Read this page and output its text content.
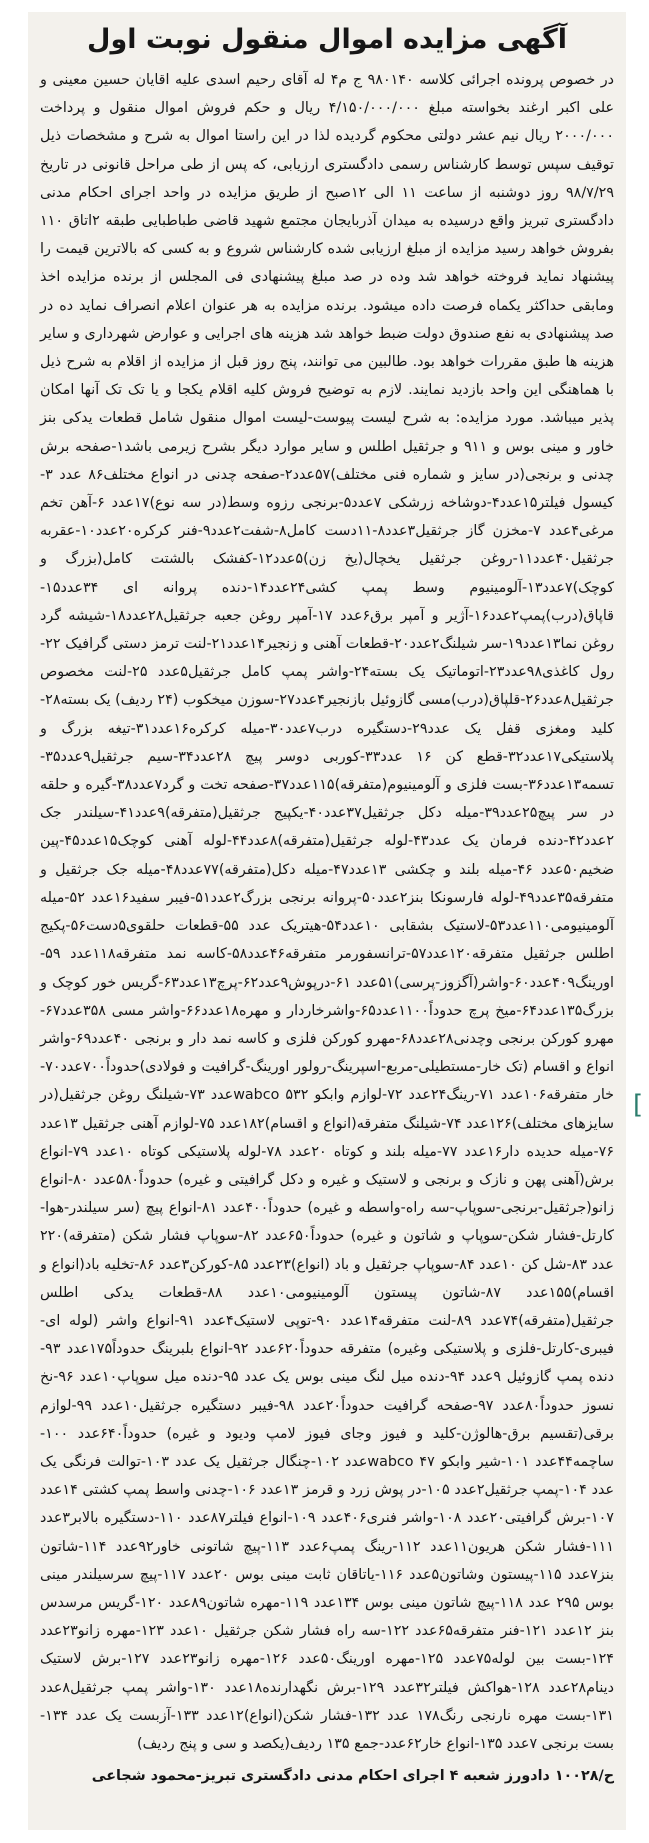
آگهی مزایده اموال منقول نوبت اول

در خصوص پرونده اجرائی کلاسه ۹۸۰۱۴۰ ج م۴ له آقای رحیم اسدی علیه اقایان حسین معینی و علی اکبر ارغند بخواسته مبلغ ۴/۱۵۰/۰۰۰/۰۰۰ ریال و حکم فروش اموال منقول و پرداخت ۲۰۰۰/۰۰۰ ریال نیم عشر دولتی محکوم گردیده لذا در این راستا اموال به شرح و مشخصات ذیل توقیف سپس توسط کارشناس رسمی دادگستری ارزیابی، که پس از طی مراحل قانونی در تاریخ ۹۸/۷/۲۹ روز دوشنبه از ساعت ۱۱ الی ۱۲صبح از طریق مزایده در واحد اجرای احکام مدنی دادگستری تبریز واقع درسیده به میدان آذربایجان مجتمع شهید قاضی طباطبایی طبقه ۲اتاق ۱۱۰ بفروش خواهد رسید مزایده از مبلغ ارزیابی شده کارشناس شروع و به کسی که بالاترین قیمت را پیشنهاد نماید فروخته خواهد شد وده در صد مبلغ پیشنهادی فی المجلس از برنده مزایده اخذ ومابقی حداکثر یکماه فرصت داده میشود. برنده مزایده به هر عنوان اعلام انصراف نماید ده در صد پیشنهادی به نفع صندوق دولت ضبط خواهد شد هزینه های اجرایی و عوارض شهرداری و سایر هزینه ها طبق مقررات خواهد بود. طالبین می توانند، پنج روز قبل از مزایده از اقلام به شرح ذیل با هماهنگی این واحد بازدید نمایند. لازم به توضیح فروش کلیه اقلام یکجا و یا تک تک آنها امکان پذیر میباشد. مورد مزایده: به شرح لیست پیوست-لیست اموال منقول شامل قطعات یدکی بنز خاور و مینی بوس و ۹۱۱ و جرثقیل اطلس و سایر موارد دیگر بشرح زیرمی باشد۱-صفحه برش چدنی و برنجی(در سایز و شماره فنی مختلف)۵۷عدد۲-صفحه چدنی در انواع مختلف۸۶ عدد ۳-کیسول فیلتر۱۵عدد۴-دوشاخه زرشکی ۷عدد۵-برنجی رزوه وسط(در سه نوع)۱۷عدد ۶-آهن تخم مرغی۴عدد ۷-مخزن گاز جرثقیل۳عدد۸-۱۱دست کامل۸-شفت۲عدد۹-فنر کرکره۲۰عدد۱۰-عقربه جرثقیل۴۰عدد۱۱-روغن جرثقیل یخچال(یخ زن)۵عدد۱۲-کفشک بالشتت کامل(بزرگ و کوچک)۷عدد۱۳-آلومینیوم وسط پمپ کشی۲۴عدد۱۴-دنده پروانه ای ۳۴عدد۱۵-قاپاق(درب)پمپ۲عدد۱۶-آژیر و آمپر برق۶عدد ۱۷-آمپر روغن جعبه جرثقیل۲۸عدد۱۸-شیشه گرد روغن نما۱۳عدد۱۹-سر شیلنگ۲عدد۲۰-قطعات آهنی و زنجیر۱۴عدد۲۱-لنت ترمز دستی گرافیک ۲۲-رول کاغذی۹۸عدد۲۳-اتوماتیک یک بسته۲۴-واشر پمپ کامل جرثقیل۵عدد ۲۵-لنت مخصوص جرثقیل۸عدد۲۶-قلپاق(درب)مسی گازوئیل بازنجیر۴عدد۲۷-سوزن میخکوب (۲۴ ردیف) یک بسته۲۸-کلید ومغزی قفل یک عدد۲۹-دستگیره درب۷عدد۳۰-میله کرکره۱۶عدد۳۱-تیغه بزرگ و پلاستیکی۱۷عدد۳۲-قطع کن ۱۶ عدد۳۳-کوربی دوسر پیچ ۲۸عدد۳۴-سیم جرثقیل۹عدد۳۵-تسمه۱۳عدد۳۶-بست فلزی و آلومینیوم(متفرقه)۱۱۵عدد۳۷-صفحه تخت و گرد۷عدد۳۸-گیره و حلقه در سر پیچ۲۵عدد۳۹-میله دکل جرثقیل۳۷عدد۴۰-یکپیج جرثقیل(متفرقه)۹عدد۴۱-سیلندر جک ۲عدد۴۲-دنده فرمان یک عدد۴۳-لوله جرثقیل(متفرقه)۸عدد۴۴-لوله آهنی کوچک۱۵عدد۴۵-پین ضخیم۵۰عدد ۴۶-میله بلند و چکشی ۱۳عدد۴۷-میله دکل(متفرقه)۷۷عدد۴۸-میله جک جرثقیل و متفرقه۳۵عدد۴۹-لوله فارسونکا بنز۲عدد۵۰-پروانه برنجی بزرگ۲عدد۵۱-فیبر سفید۱۶عدد ۵۲-میله آلومینیومی۱۱۰عدد۵۳-لاستیک بشقابی ۱۰عدد۵۴-هیتریک عدد ۵۵-قطعات حلقوی۵دست۵۶-پکیج اطلس جرثقیل متفرقه۱۲۰عدد۵۷-ترانسفورمر متفرقه۴۶عدد۵۸-کاسه نمد متفرقه۱۱۸عدد ۵۹-اورینگ۴۰۹عدد۶۰-واشر(آگزوز-پرسی)۵۱عدد ۶۱-درپوش۹عدد۶۲-پرچ۱۳عدد۶۳-گریس خور کوچک و بزرگ۱۳۵عدد۶۴-میخ پرچ حدوداً۱۱۰۰عدد۶۵-واشرخاردار و مهره۱۸عدد۶۶-واشر مسی ۳۵۸عدد۶۷-مهرو کورکن برنجی وچدنی۲۸عدد۶۸-مهرو کورکن فلزی و کاسه نمد دار و برنجی ۴۰عدد۶۹-واشر انواع و اقسام (تک خار-مستطیلی-مربع-اسپرینگ-رولور اورینگ-گرافیت و فولادی)حدوداً۷۰۰عدد۷۰-خار متفرقه۱۰۶عدد ۷۱-رینگ۲۴عدد ۷۲-لوازم وابکو wabco ۵۳۲عدد ۷۳-شیلنگ روغن جرثقیل(در سایزهای مختلف)۱۲۶عدد ۷۴-شیلنگ متفرقه(انواع و اقسام)۱۸۲عدد ۷۵-لوازم آهنی جرثقیل ۱۳عدد ۷۶-میله حدیده دار۱۶عدد ۷۷-میله بلند و کوتاه ۲۰عدد ۷۸-لوله پلاستیکی کوتاه ۱۰عدد ۷۹-انواع برش(آهنی پهن و نازک و برنجی و لاستیک و غیره و دکل گرافیتی و غیره) حدوداً۵۸۰عدد ۸۰-انواع زانو(جرثقیل-برنجی-سوپاپ-سه راه-واسطه و غیره) حدوداً۴۰۰عدد ۸۱-انواع پیچ (سر سیلندر-هوا-کارتل-فشار شکن-سوپاپ و شاتون و غیره) حدوداً۶۵۰عدد ۸۲-سوپاپ فشار شکن (متفرقه)۲۲۰ عدد ۸۳-شل کن ۱۰عدد ۸۴-سوپاپ جرثقیل و باد (انواع)۲۳عدد ۸۵-کورکن۳عدد ۸۶-تخلیه باد(انواع و اقسام)۱۵۵عدد ۸۷-شاتون پیستون آلومینیومی۱۰عدد ۸۸-قطعات یدکی اطلس جرثقیل(متفرقه)۷۴عدد ۸۹-لنت متفرقه۱۴عدد ۹۰-توپی لاستیک۴عدد ۹۱-انواع واشر (لوله ای-فیبری-کارتل-فلزی و پلاستیکی وغیره) متفرقه حدوداً۶۲۰عدد ۹۲-انواع بلبرینگ حدوداً۱۷۵عدد ۹۳-دنده پمپ گازوئیل ۹عدد ۹۴-دنده میل لنگ مینی بوس یک عدد ۹۵-دنده میل سوپاپ۱۰عدد ۹۶-نخ نسوز حدوداً۸۰عدد ۹۷-صفحه گرافیت حدوداً۲۰عدد ۹۸-فیبر دستگیره جرثقیل۱۰عدد ۹۹-لوازم برقی(تقسیم برق-هالوژن-کلید و فیوز وجای فیوز لامپ ودیود و غیره) حدوداً۶۴۰عدد ۱۰۰-ساچمه۴۴عدد ۱۰۱-شیر وابکو wabco ۴۷عدد ۱۰۲-چنگال جرثقیل یک عدد ۱۰۳-توالت فرنگی یک عدد ۱۰۴-پمپ جرثقیل۲عدد ۱۰۵-در پوش زرد و قرمز ۱۳عدد ۱۰۶-چدنی واسط پمپ کشتی ۱۴عدد ۱۰۷-برش گرافیتی۲۰عدد ۱۰۸-واشر فنری۴۰۶عدد ۱۰۹-انواع فیلتر۸۷عدد ۱۱۰-دستگیره بالابر۳عدد ۱۱۱-فشار شکن هریون۱۱عدد ۱۱۲-رینگ پمپ۶عدد ۱۱۳-پیچ شاتونی خاور۹۲عدد ۱۱۴-شاتون بنز۷عدد ۱۱۵-پیستون وشاتون۵عدد ۱۱۶-یاتاقان ثابت مینی بوس ۲۰عدد ۱۱۷-پیچ سرسیلندر مینی بوس ۲۹۵ عدد ۱۱۸-پیچ شاتون مینی بوس ۱۳۴عدد ۱۱۹-مهره شاتون۸۹عدد ۱۲۰-گریس مرسدس بنز ۱۲عدد ۱۲۱-فنر متفرقه۶۵عدد ۱۲۲-سه راه فشار شکن جرثقیل ۱۰عدد ۱۲۳-مهره زانو۲۳عدد ۱۲۴-بست بین لوله۷۵عدد ۱۲۵-مهره اورینگ۵۰عدد ۱۲۶-مهره زانو۲۳عدد ۱۲۷-برش لاستیک دینام۲۸عدد ۱۲۸-هواکش فیلتر۳۲عدد ۱۲۹-برش نگهدارنده۱۸عدد ۱۳۰-واشر پمپ جرثقیل۸عدد ۱۳۱-بست مهره نارنجی رنگ۱۷۸ عدد ۱۳۲-فشار شکن(انواع)۱۲عدد ۱۳۳-آزبست یک عدد ۱۳۴-بست برنجی ۷عدد ۱۳۵-انواع خار۶۲عدد-جمع ۱۳۵ ردیف(یکصد و سی و پنج ردیف)

ح/۱۰۰۲۸ دادورز شعبه ۴ اجرای احکام مدنی دادگستری تبریز-محمود شجاعی
[
